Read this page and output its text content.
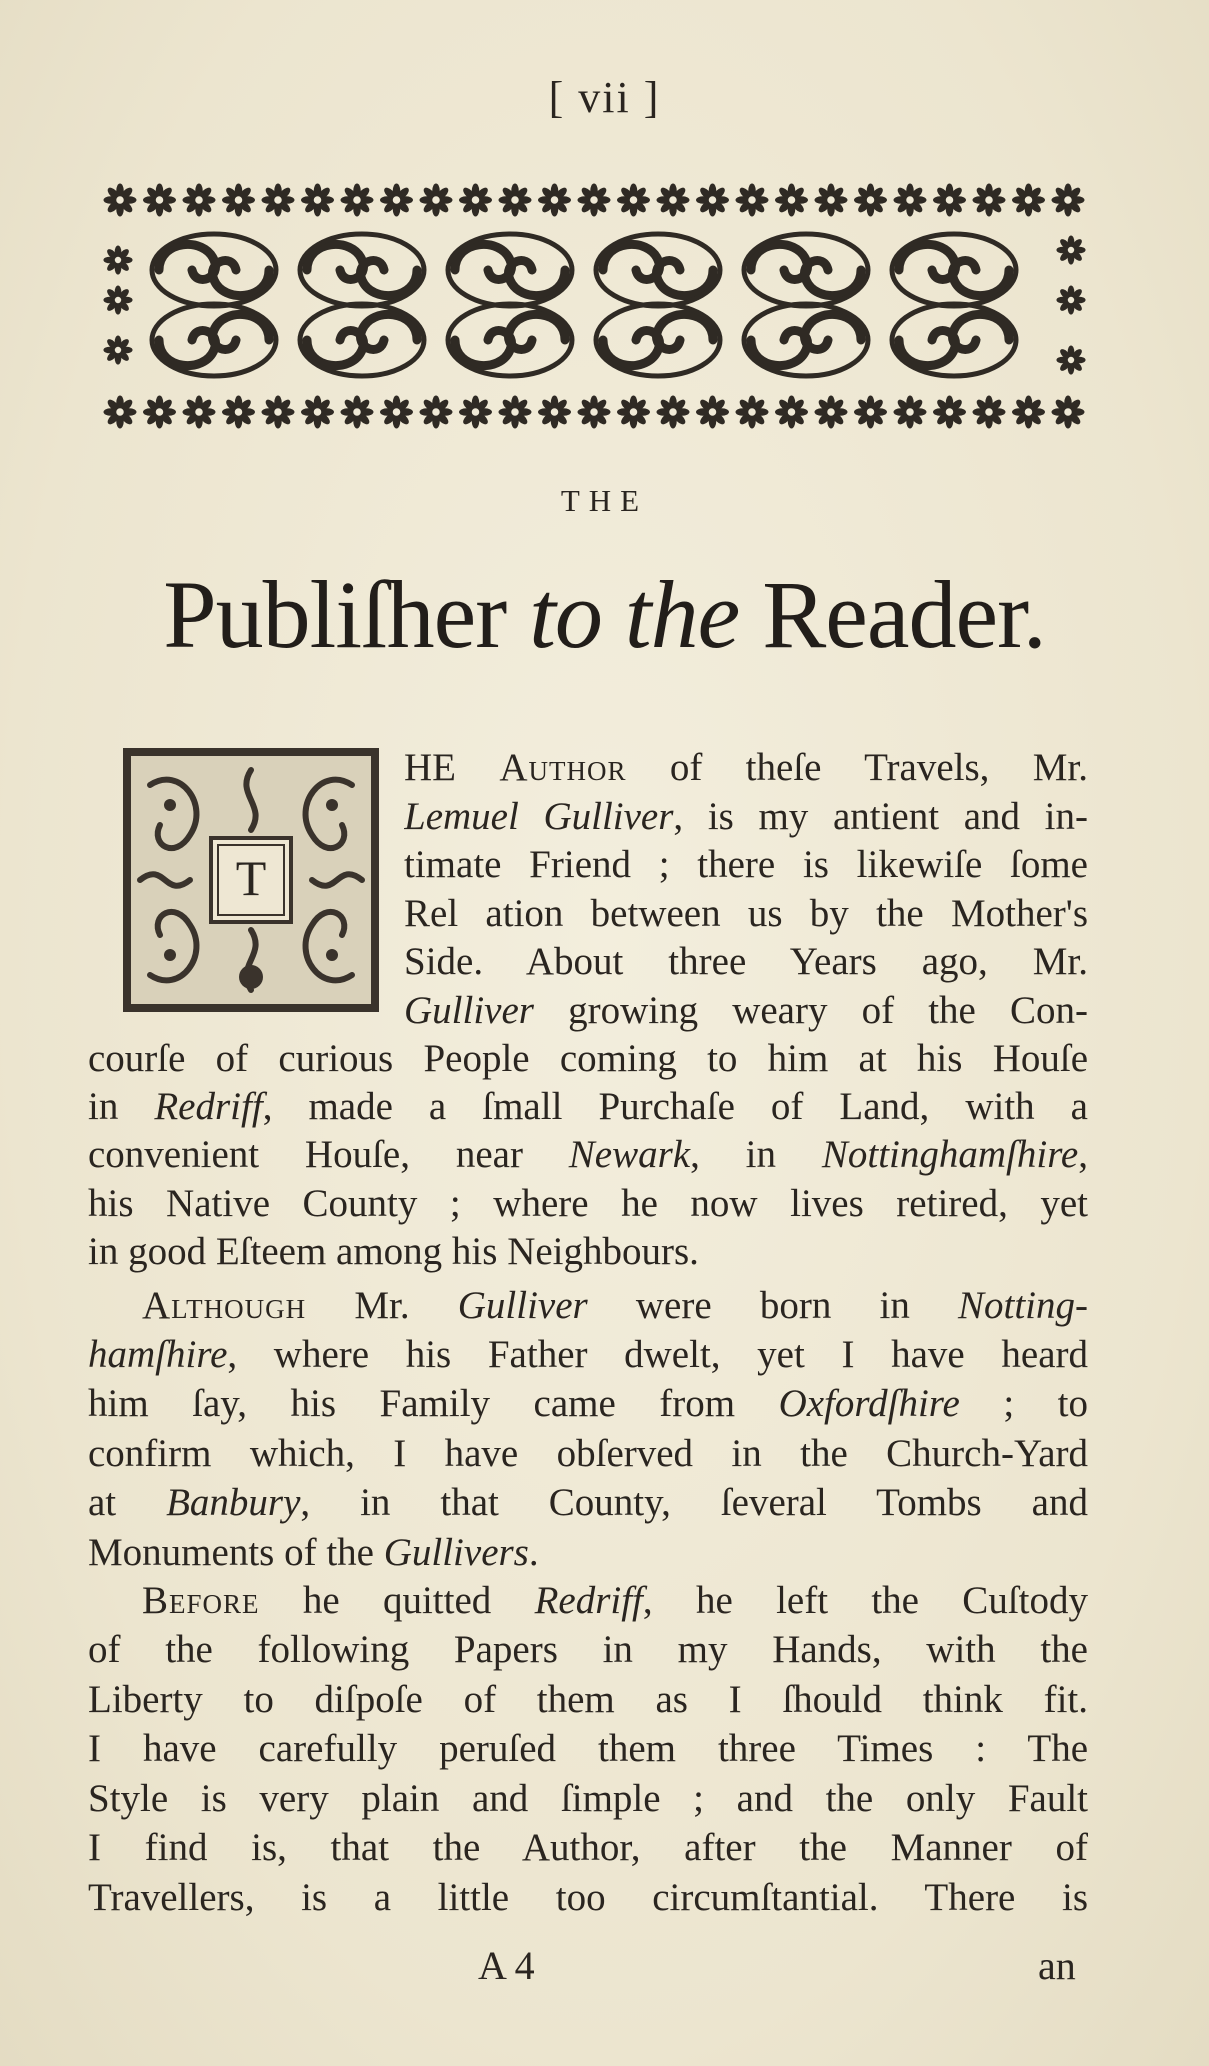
[ vii ]
THE
Publiſher to the Reader.
T
HE Author of theſe Travels, Mr.
Lemuel Gulliver, is my antient and in-
timate Friend ; there is likewiſe ſome
Rel ation between us by the Mother's
Side. About three Years ago, Mr.
Gulliver growing weary of the Con-
courſe of curious People coming to him at his Houſe
in Redriff, made a ſmall Purchaſe of Land, with a
convenient Houſe, near Newark, in Nottinghamſhire,
his Native County ; where he now lives retired, yet
in good Eſteem among his Neighbours.
Although Mr. Gulliver were born in Notting-
hamſhire, where his Father dwelt, yet I have heard
him ſay, his Family came from Oxfordſhire ; to
confirm which, I have obſerved in the Church-Yard
at Banbury, in that County, ſeveral Tombs and
Monuments of the Gullivers.
Before he quitted Redriff, he left the Cuſtody
of the following Papers in my Hands, with the
Liberty to diſpoſe of them as I ſhould think fit.
I have carefully peruſed them three Times : The
Style is very plain and ſimple ; and the only Fault
I find is, that the Author, after the Manner of
Travellers, is a little too circumſtantial. There is
A 4	an
